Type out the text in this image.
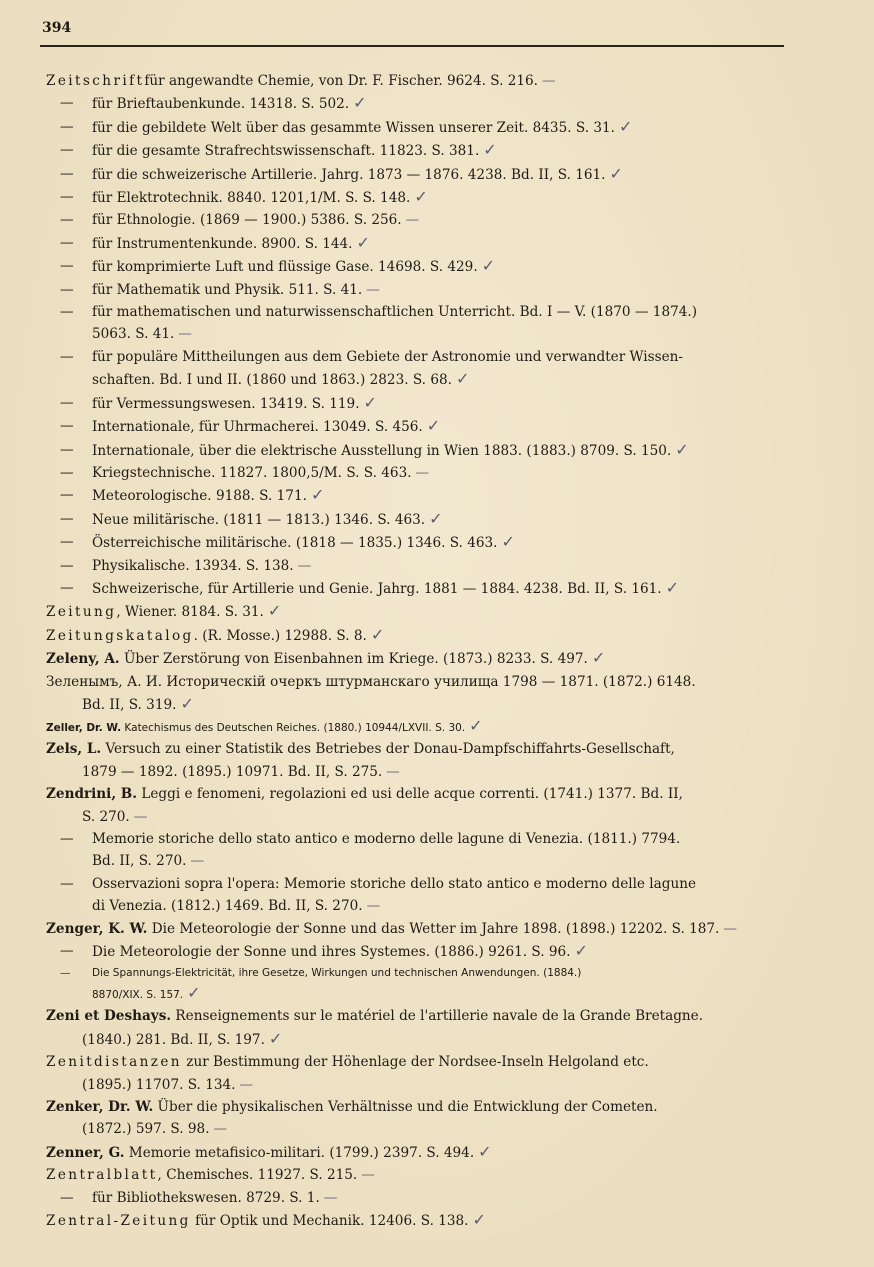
394
Zeitschriftfür angewandte Chemie, von Dr. F. Fischer. 9624. S. 216. —
— für Brieftaubenkunde. 14318. S. 502. ✓
— für die gebildete Welt über das gesammte Wissen unserer Zeit. 8435. S. 31. ✓
— für die gesamte Strafrechtswissenschaft. 11823. S. 381. ✓
— für die schweizerische Artillerie. Jahrg. 1873 — 1876. 4238. Bd. II, S. 161. ✓
— für Elektrotechnik. 8840. 1201,1/M. S. S. 148. ✓
— für Ethnologie. (1869 — 1900.) 5386. S. 256. —
— für Instrumentenkunde. 8900. S. 144. ✓
— für komprimierte Luft und flüssige Gase. 14698. S. 429. ✓
— für Mathematik und Physik. 511. S. 41. —
— für mathematischen und naturwissenschaftlichen Unterricht. Bd. I — V. (1870 — 1874.)
5063. S. 41. —
— für populäre Mittheilungen aus dem Gebiete der Astronomie und verwandter Wissen-
schaften. Bd. I und II. (1860 und 1863.) 2823. S. 68. ✓
— für Vermessungswesen. 13419. S. 119. ✓
— Internationale, für Uhrmacherei. 13049. S. 456. ✓
— Internationale, über die elektrische Ausstellung in Wien 1883. (1883.) 8709. S. 150. ✓
— Kriegstechnische. 11827. 1800,5/M. S. S. 463. —
— Meteorologische. 9188. S. 171. ✓
— Neue militärische. (1811 — 1813.) 1346. S. 463. ✓
— Österreichische militärische. (1818 — 1835.) 1346. S. 463. ✓
— Physikalische. 13934. S. 138. —
— Schweizerische, für Artillerie und Genie. Jahrg. 1881 — 1884. 4238. Bd. II, S. 161. ✓
Zeitung, Wiener. 8184. S. 31. ✓
Zeitungskatalog. (R. Mosse.) 12988. S. 8. ✓
Zeleny, A. Über Zerstörung von Eisenbahnen im Kriege. (1873.) 8233. S. 497. ✓
Зеленымъ, А. И. Историческій очеркъ штурманскаго училища 1798 — 1871. (1872.) 6148.
Bd. II, S. 319. ✓
Zeller, Dr. W. Katechismus des Deutschen Reiches. (1880.) 10944/LXVII. S. 30. ✓
Zels, L. Versuch zu einer Statistik des Betriebes der Donau-Dampfschiffahrts-Gesellschaft,
1879 — 1892. (1895.) 10971. Bd. II, S. 275. —
Zendrini, B. Leggi e fenomeni, regolazioni ed usi delle acque correnti. (1741.) 1377. Bd. II,
S. 270. —
— Memorie storiche dello stato antico e moderno delle lagune di Venezia. (1811.) 7794.
Bd. II, S. 270. —
— Osservazioni sopra l'opera: Memorie storiche dello stato antico e moderno delle lagune
di Venezia. (1812.) 1469. Bd. II, S. 270. —
Zenger, K. W. Die Meteorologie der Sonne und das Wetter im Jahre 1898. (1898.) 12202. S. 187. —
— Die Meteorologie der Sonne und ihres Systemes. (1886.) 9261. S. 96. ✓
— Die Spannungs-Elektricität, ihre Gesetze, Wirkungen und technischen Anwendungen. (1884.)
8870/XIX. S. 157. ✓
Zeni et Deshays. Renseignements sur le matériel de l'artillerie navale de la Grande Bretagne.
(1840.) 281. Bd. II, S. 197. ✓
Zenitdistanzen zur Bestimmung der Höhenlage der Nordsee-Inseln Helgoland etc.
(1895.) 11707. S. 134. —
Zenker, Dr. W. Über die physikalischen Verhältnisse und die Entwicklung der Cometen.
(1872.) 597. S. 98. —
Zenner, G. Memorie metafisico-militari. (1799.) 2397. S. 494. ✓
Zentralblatt, Chemisches. 11927. S. 215. —
— für Bibliothekswesen. 8729. S. 1. —
Zentral-Zeitung für Optik und Mechanik. 12406. S. 138. ✓
